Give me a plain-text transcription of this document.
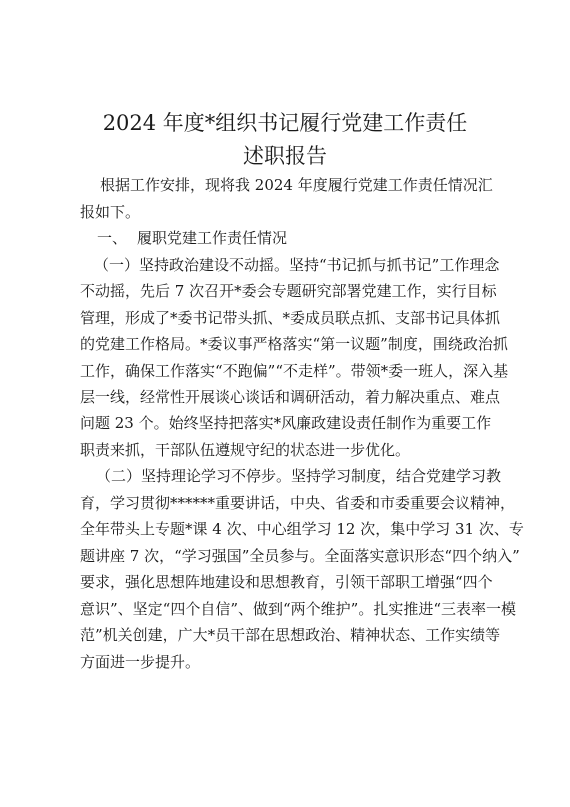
2024 年度*组织书记履行党建工作责任
述职报告
根据工作安排，现将我 2024 年度履行党建工作责任情况汇
报如下。
一、 履职党建工作责任情况
（一）坚持政治建设不动摇。坚持“书记抓与抓书记”工作理念
不动摇，先后 7 次召开*委会专题研究部署党建工作，实行目标
管理，形成了*委书记带头抓、*委成员联点抓、支部书记具体抓
的党建工作格局。*委议事严格落实“第一议题”制度，围绕政治抓
工作，确保工作落实“不跑偏”“不走样”。带领*委一班人，深入基
层一线，经常性开展谈心谈话和调研活动，着力解决重点、难点
问题 23 个。始终坚持把落实*风廉政建设责任制作为重要工作
职责来抓，干部队伍遵规守纪的状态进一步优化。
（二）坚持理论学习不停步。坚持学习制度，结合党建学习教
育，学习贯彻******重要讲话，中央、省委和市委重要会议精神，
全年带头上专题*课 4 次、中心组学习 12 次，集中学习 31 次、专
题讲座 7 次，“学习强国”全员参与。全面落实意识形态“四个纳入”
要求，强化思想阵地建设和思想教育，引领干部职工增强“四个
意识”、坚定“四个自信”、做到“两个维护”。扎实推进“三表率一模
范”机关创建，广大*员干部在思想政治、精神状态、工作实绩等
方面进一步提升。
